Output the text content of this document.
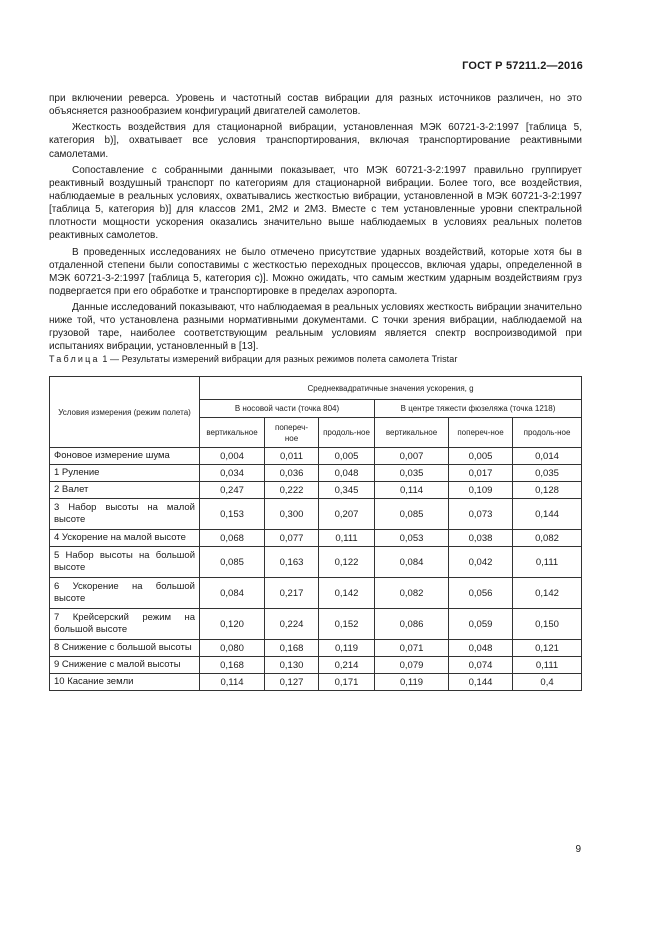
ГОСТ Р 57211.2—2016

при включении реверса. Уровень и частотный состав вибрации для разных источников различен, но это объясняется разнообразием конфигураций двигателей самолетов.

Жесткость воздействия для стационарной вибрации, установленная МЭК 60721-3-2:1997 [таблица 5, категория b)], охватывает все условия транспортирования, включая транспортирование реактивными самолетами.

Сопоставление с собранными данными показывает, что МЭК 60721-3-2:1997 правильно группирует реактивный воздушный транспорт по категориям для стационарной вибрации. Более того, все воздействия, наблюдаемые в реальных условиях, охватывались жесткостью вибрации, установленной в МЭК 60721-3-2:1997 [таблица 5, категория b)] для классов 2M1, 2M2 и 2M3. Вместе с тем установленные уровни спектральной плотности мощности ускорения оказались значительно выше наблюдаемых в условиях реальных полетов реактивных самолетов.

В проведенных исследованиях не было отмечено присутствие ударных воздействий, которые хотя бы в отдаленной степени были сопоставимы с жесткостью переходных процессов, включая удары, определенной в МЭК 60721-3-2:1997 [таблица 5, категория c)]. Можно ожидать, что самым жестким ударным воздействиям груз подвергается при его обработке и транспортировке в пределах аэропорта.

Данные исследований показывают, что наблюдаемая в реальных условиях жесткость вибрации значительно ниже той, что установлена разными нормативными документами. С точки зрения вибрации, наблюдаемой на грузовой таре, наиболее соответствующим реальным условиям является спектр воспроизводимой при испытаниях вибрации, установленный в [13].

Таблица 1 — Результаты измерений вибрации для разных режимов полета самолета Tristar
Условия измерения (режим полета)	Среднеквадратичные значения ускорения, g					
	В носовой части (точка 804)			В центре тяжести фюзеляжа (точка 1218)		
	вертикальное	попереч-ное	продоль-ное	вертикальное	попереч-ное	продоль-ное
Фоновое измерение шума	0,004	0,011	0,005	0,007	0,005	0,014
1 Руление	0,034	0,036	0,048	0,035	0,017	0,035
2 Валет	0,247	0,222	0,345	0,114	0,109	0,128
3 Набор высоты на малой высоте	0,153	0,300	0,207	0,085	0,073	0,144
4 Ускорение на малой высоте	0,068	0,077	0,111	0,053	0,038	0,082
5 Набор высоты на большой высоте	0,085	0,163	0,122	0,084	0,042	0,111
6 Ускорение на большой высоте	0,084	0,217	0,142	0,082	0,056	0,142
7 Крейсерский режим на большой высоте	0,120	0,224	0,152	0,086	0,059	0,150
8 Снижение с большой высоты	0,080	0,168	0,119	0,071	0,048	0,121
9 Снижение с малой высоты	0,168	0,130	0,214	0,079	0,074	0,111
10 Касание земли	0,114	0,127	0,171	0,119	0,144	0,4
9
